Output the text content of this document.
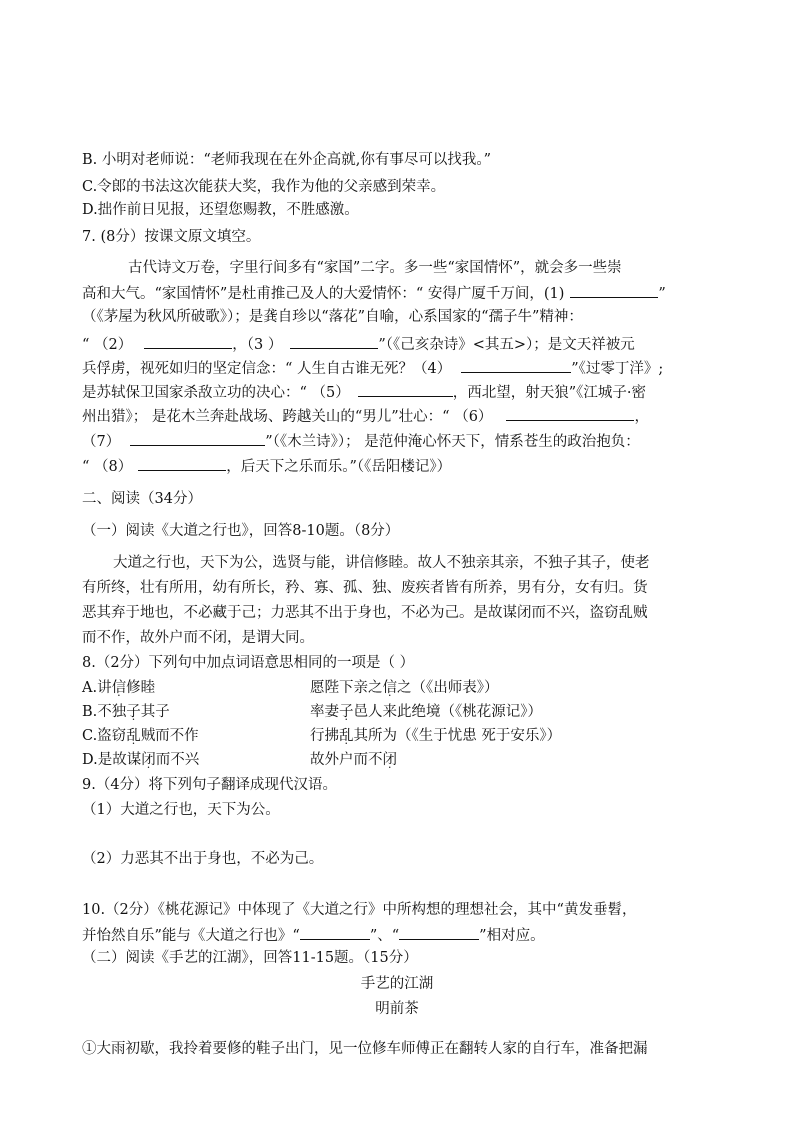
B. 小明对老师说：“老师我现在在外企高就,你有事尽可以找我。”
C.令郎的书法这次能获大奖，我作为他的父亲感到荣幸。
D.拙作前日见报，还望您赐教，不胜感激。
7. (8分）按课文原文填空。
古代诗文万卷，字里行间多有“家国”二字。多一些“家国情怀”，就会多一些崇
高和大气。“家国情怀”是杜甫推己及人的大爱情怀：“ 安得广厦千万间，(1)	”
（《茅屋为秋风所破歌》）；是龚自珍以“落花”自喻，心系国家的“孺子牛”精神：
“ （2）	，（3 ）	”（《己亥杂诗》<其五>）；是文天祥被元
兵俘虏，视死如归的坚定信念：“ 人生自古谁无死？（4）	”《过零丁洋》;
是苏轼保卫国家杀敌立功的决心：“ （5）	，西北望，射天狼”《江城子·密
州出猎》； 是花木兰奔赴战场、跨越关山的“男儿”壮心：“ （6）	，
（7）	”（《木兰诗》）； 是范仲淹心怀天下，情系苍生的政治抱负：
“ （8）	，后天下之乐而乐。”（《岳阳楼记》）
二、阅读（34分）
（一）阅读《大道之行也》，回答8-10题。（8分）
大道之行也，天下为公，选贤与能，讲信修睦。故人不独亲其亲，不独子其子，使老
有所终，壮有所用，幼有所长，矜、寡、孤、独、废疾者皆有所养，男有分，女有归。货
恶其弃于地也，不必藏于己；力恶其不出于身也，不必为己。是故谋闭而不兴，盗窃乱贼
而不作，故外户而不闭，是谓大同。
8.（2分）下列句中加点词语意思相同的一项是（ ）
A.讲信修睦	愿陛下亲之信之（《出师表》）
B.不独子其子	率妻子邑人来此绝境（《桃花源记》）
C.盗窃乱贼而不作	行拂乱其所为（《生于忧患 死于安乐》）
D.是故谋闭而不兴	故外户而不闭
9.（4分）将下列句子翻译成现代汉语。
（1）大道之行也，天下为公。
（2）力恶其不出于身也，不必为己。
10.（2分）《桃花源记》中体现了《大道之行》中所构想的理想社会，其中“黄发垂髫，
并怡然自乐”能与《大道之行也》“	”、“	”相对应。
（二）阅读《手艺的江湖》，回答11-15题。（15分）
手艺的江湖
明前茶
①大雨初歇，我拎着要修的鞋子出门，见一位修车师傅正在翻转人家的自行车，准备把漏
